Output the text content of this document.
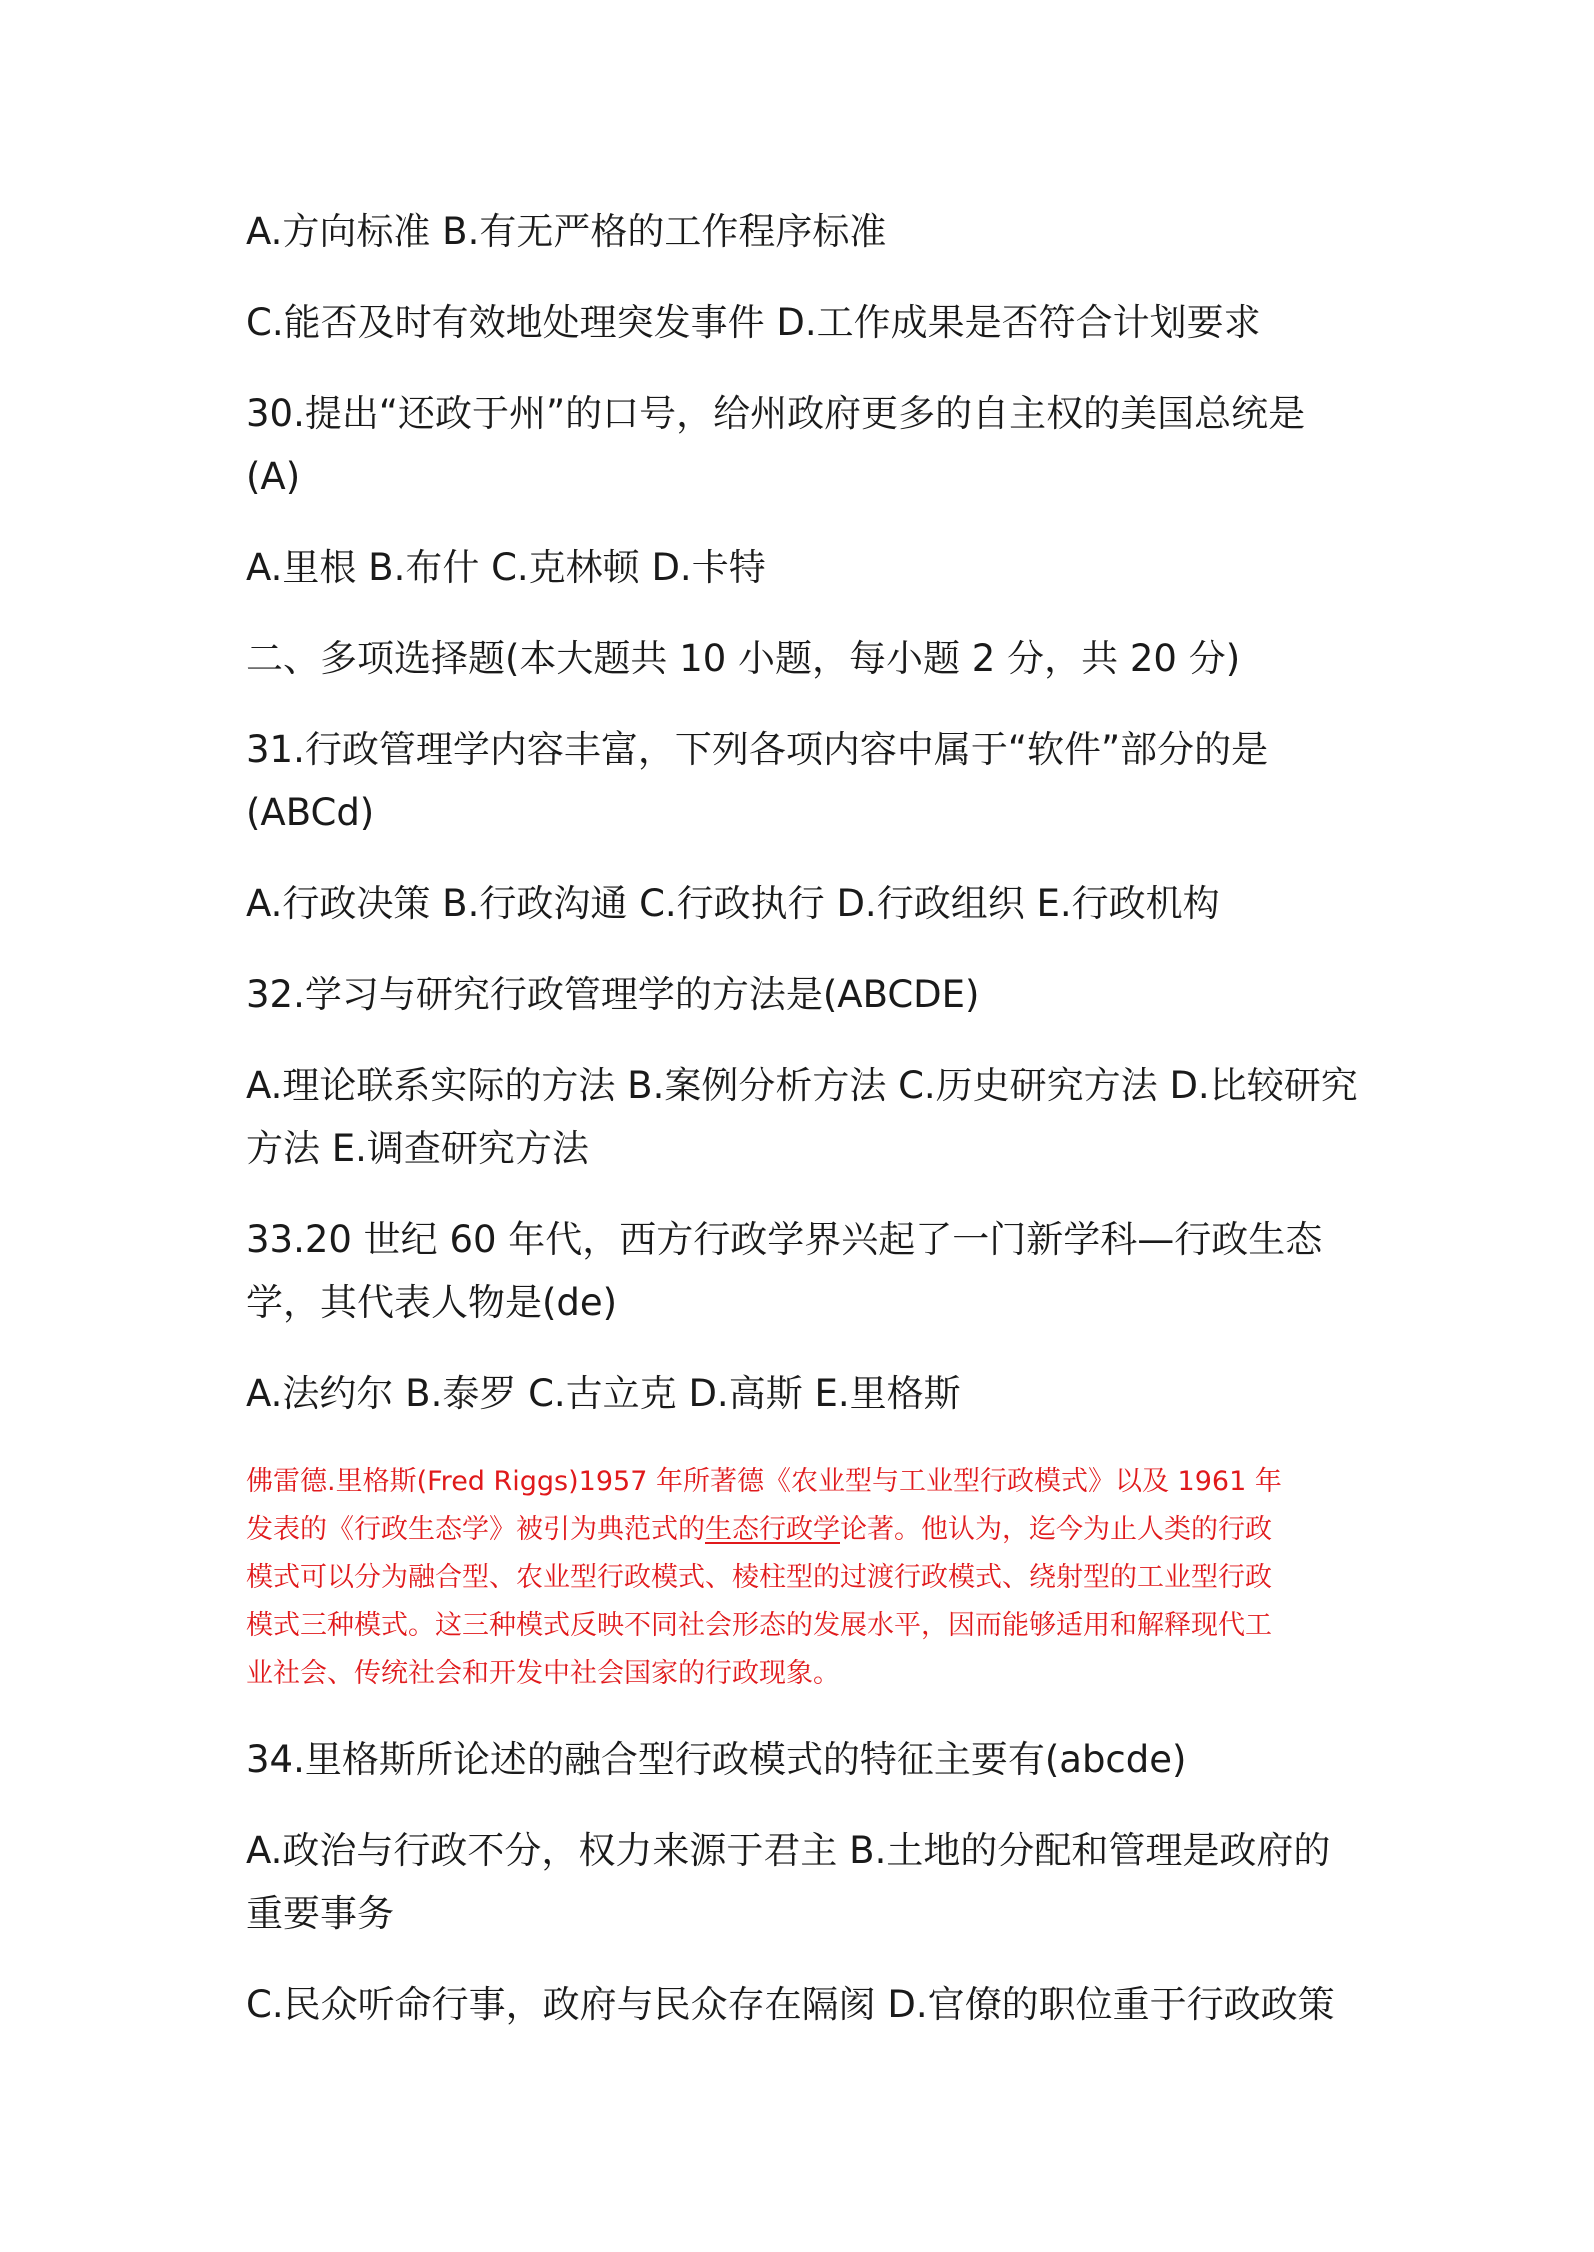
A.方向标准 B.有无严格的工作程序标准
C.能否及时有效地处理突发事件 D.工作成果是否符合计划要求
30.提出“还政于州”的口号，给州政府更多的自主权的美国总统是
(A)
A.里根 B.布什 C.克林顿 D.卡特
二、多项选择题(本大题共 10 小题，每小题 2 分，共 20 分)
31.行政管理学内容丰富，下列各项内容中属于“软件”部分的是
(ABCd)
A.行政决策 B.行政沟通 C.行政执行 D.行政组织 E.行政机构
32.学习与研究行政管理学的方法是(ABCDE)
A.理论联系实际的方法 B.案例分析方法 C.历史研究方法 D.比较研究
方法 E.调查研究方法
33.20 世纪 60 年代，西方行政学界兴起了一门新学科—行政生态
学，其代表人物是(de)
A.法约尔 B.泰罗 C.古立克 D.高斯 E.里格斯
佛雷德.里格斯(Fred Riggs)1957 年所著德《农业型与工业型行政模式》以及 1961 年
发表的《行政生态学》被引为典范式的生态行政学论著。他认为，迄今为止人类的行政
模式可以分为融合型、农业型行政模式、棱柱型的过渡行政模式、绕射型的工业型行政
模式三种模式。这三种模式反映不同社会形态的发展水平，因而能够适用和解释现代工
业社会、传统社会和开发中社会国家的行政现象。
34.里格斯所论述的融合型行政模式的特征主要有(abcde)
A.政治与行政不分，权力来源于君主 B.土地的分配和管理是政府的
重要事务
C.民众听命行事，政府与民众存在隔阂 D.官僚的职位重于行政政策
